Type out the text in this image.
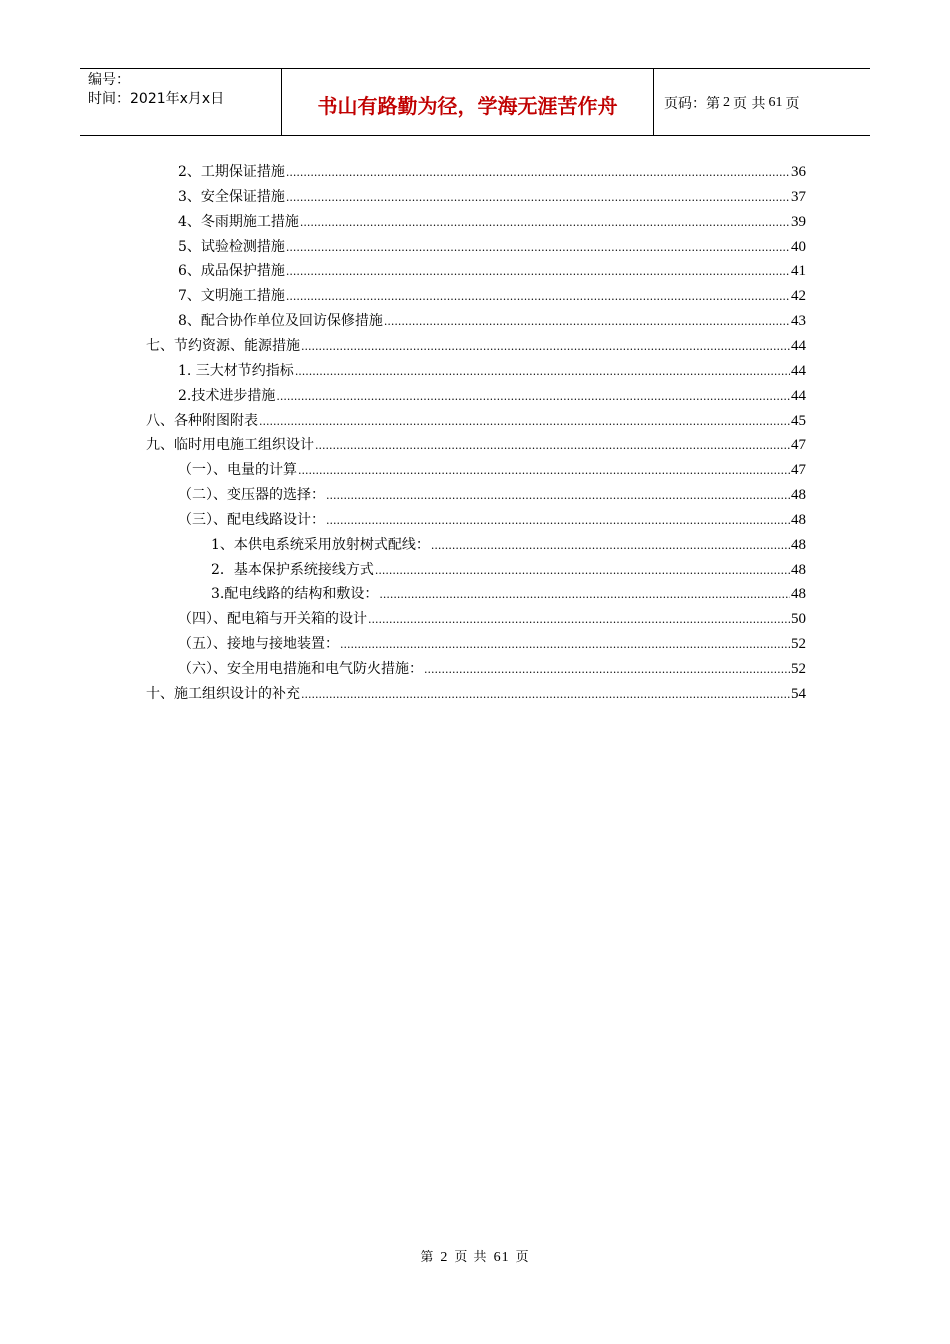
编号：
时间：2021年x月x日	书山有路勤为径，学海无涯苦作舟	页码：第 2 页 共 61 页
2、工期保证措施 .....	36
3、安全保证措施 .....	37
4、冬雨期施工措施 .....	39
5、试验检测措施 .....	40
6、成品保护措施 .....	41
7、文明施工措施 .....	42
8、配合协作单位及回访保修措施 .....	43
七、节约资源、能源措施 .....	44
1. 三大材节约指标 .....	44
2.技术进步措施 .....	44
八、各种附图附表 .....	45
九、临时用电施工组织设计 .....	47
（一）、电量的计算 .....	47
（二）、变压器的选择： .....	48
（三）、配电线路设计： .....	48
1、本供电系统采用放射树式配线： .....	48
2．基本保护系统接线方式 .....	48
3.配电线路的结构和敷设： .....	48
（四）、配电箱与开关箱的设计 .....	50
（五）、接地与接地装置： .....	52
（六）、安全用电措施和电气防火措施： .....	52
十、施工组织设计的补充 .....	54
第 2 页 共 61 页
